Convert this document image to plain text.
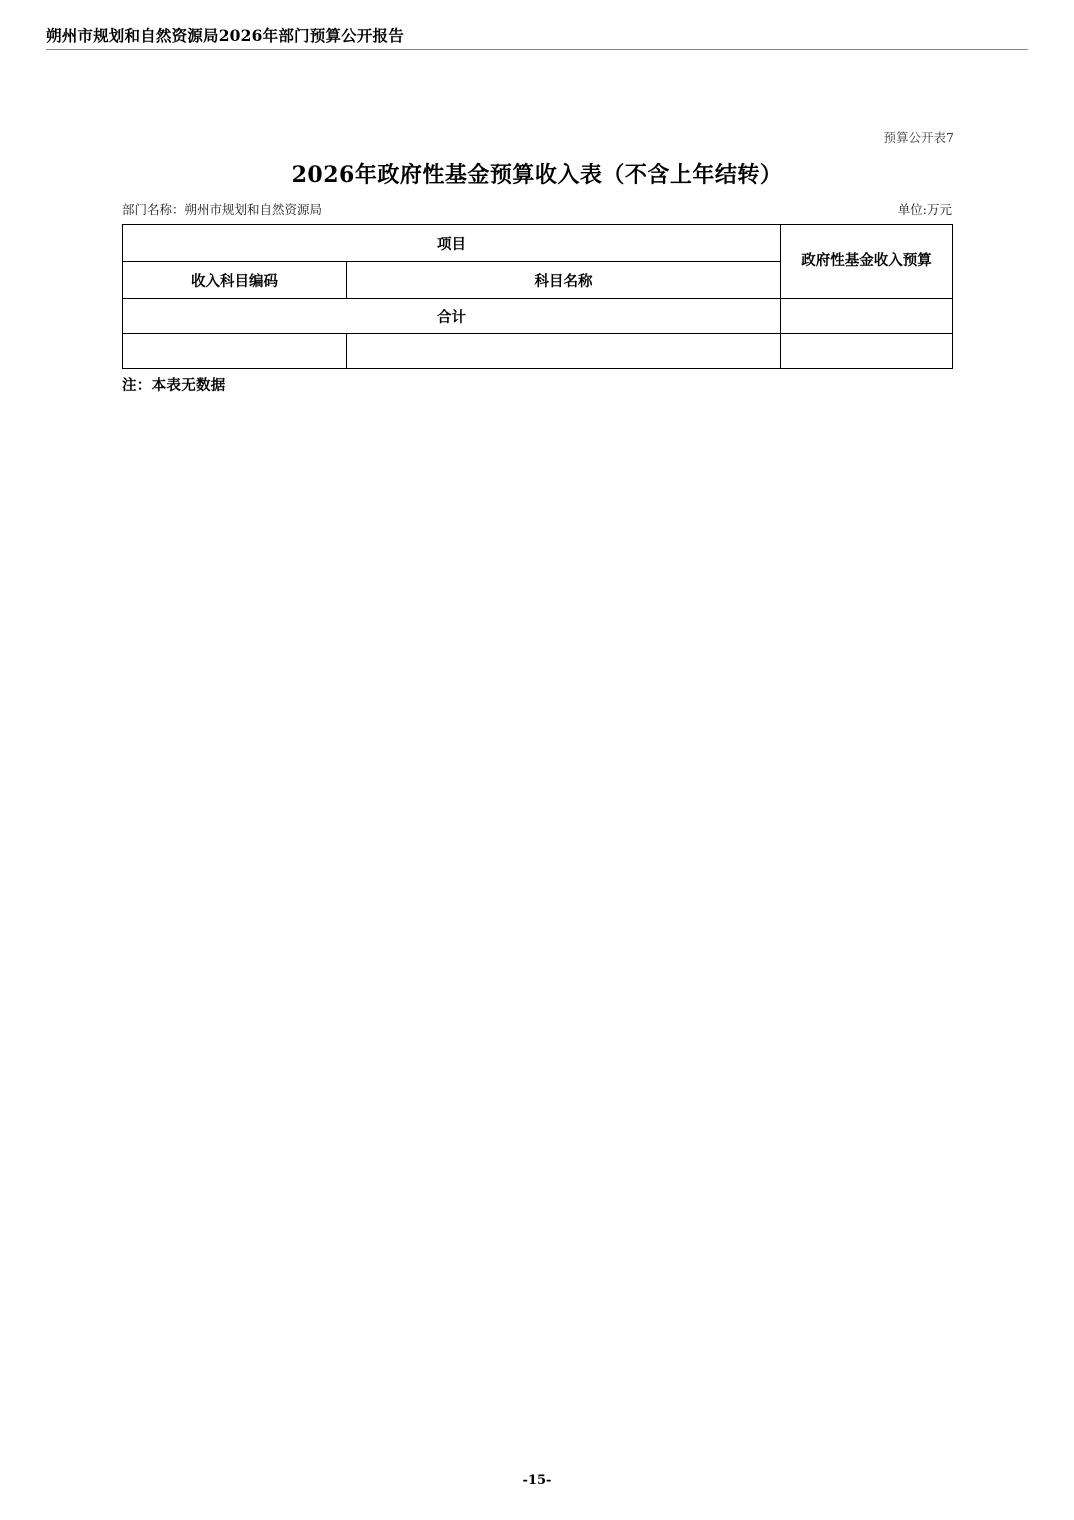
朔州市规划和自然资源局2026年部门预算公开报告
预算公开表7
2026年政府性基金预算收入表（不含上年结转）
部门名称：朔州市规划和自然资源局	单位:万元
项目		政府性基金收入预算
收入科目编码	科目名称	
合计		

注：本表无数据
-15-
